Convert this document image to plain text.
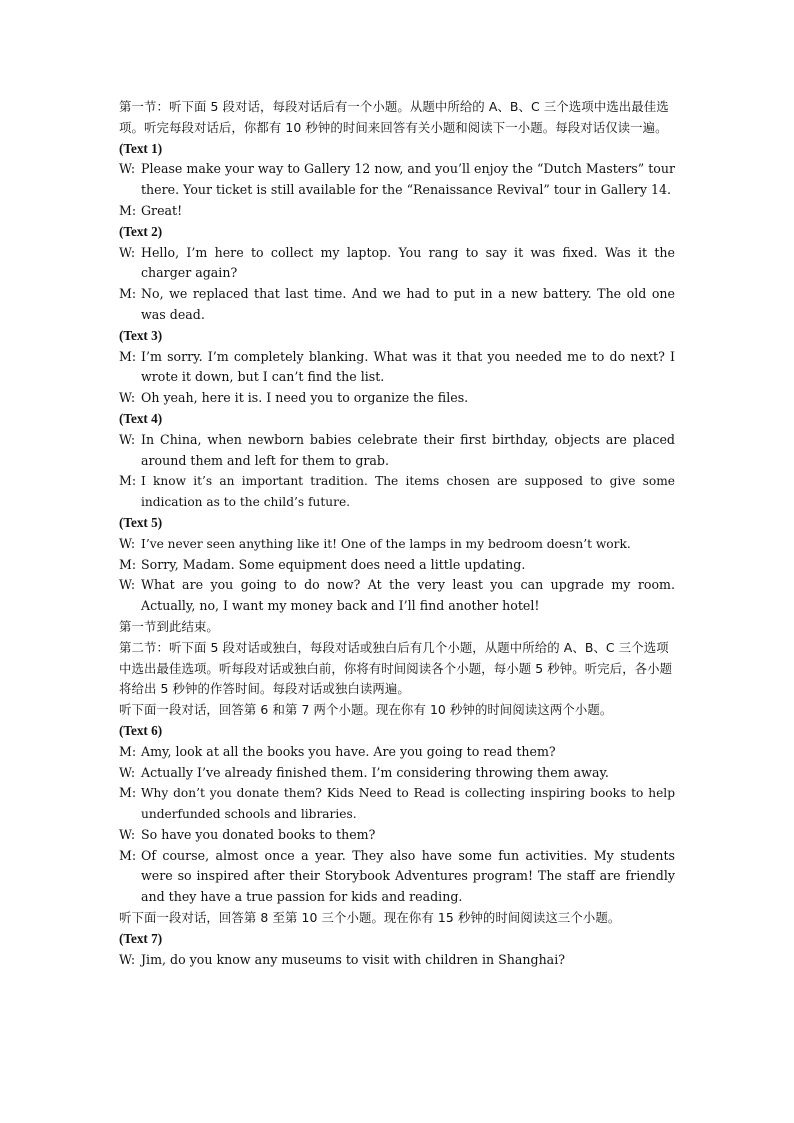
第一节：听下面 5 段对话，每段对话后有一个小题。从题中所给的 A、B、C 三个选项中选出最佳选项。听完每段对话后，你都有 10 秒钟的时间来回答有关小题和阅读下一小题。每段对话仅读一遍。

(Text 1)

W: Please make your way to Gallery 12 now, and you’ll enjoy the “Dutch Masters” tour there. Your ticket is still available for the “Renaissance Revival” tour in Gallery 14.
M: Great!

(Text 2)

W: Hello, I’m here to collect my laptop. You rang to say it was fixed. Was it the charger again?
M: No, we replaced that last time. And we had to put in a new battery. The old one was dead.

(Text 3)

M: I’m sorry. I’m completely blanking. What was it that you needed me to do next? I wrote it down, but I can’t find the list.
W: Oh yeah, here it is. I need you to organize the files.

(Text 4)

W: In China, when newborn babies celebrate their first birthday, objects are placed around them and left for them to grab.
M: I know it’s an important tradition. The items chosen are supposed to give some indication as to the child’s future.

(Text 5)

W: I’ve never seen anything like it! One of the lamps in my bedroom doesn’t work.
M: Sorry, Madam. Some equipment does need a little updating.
W: What are you going to do now? At the very least you can upgrade my room. Actually, no, I want my money back and I’ll find another hotel!

第一节到此结束。

第二节：听下面 5 段对话或独白，每段对话或独白后有几个小题，从题中所给的 A、B、C 三个选项中选出最佳选项。听每段对话或独白前，你将有时间阅读各个小题，每小题 5 秒钟。听完后，各小题将给出 5 秒钟的作答时间。每段对话或独白读两遍。

听下面一段对话，回答第 6 和第 7 两个小题。现在你有 10 秒钟的时间阅读这两个小题。

(Text 6)

M: Amy, look at all the books you have. Are you going to read them?
W: Actually I’ve already finished them. I’m considering throwing them away.
M: Why don’t you donate them? Kids Need to Read is collecting inspiring books to help underfunded schools and libraries.
W: So have you donated books to them?
M: Of course, almost once a year. They also have some fun activities. My students were so inspired after their Storybook Adventures program! The staff are friendly and they have a true passion for kids and reading.

听下面一段对话，回答第 8 至第 10 三个小题。现在你有 15 秒钟的时间阅读这三个小题。

(Text 7)

W: Jim, do you know any museums to visit with children in Shanghai?
